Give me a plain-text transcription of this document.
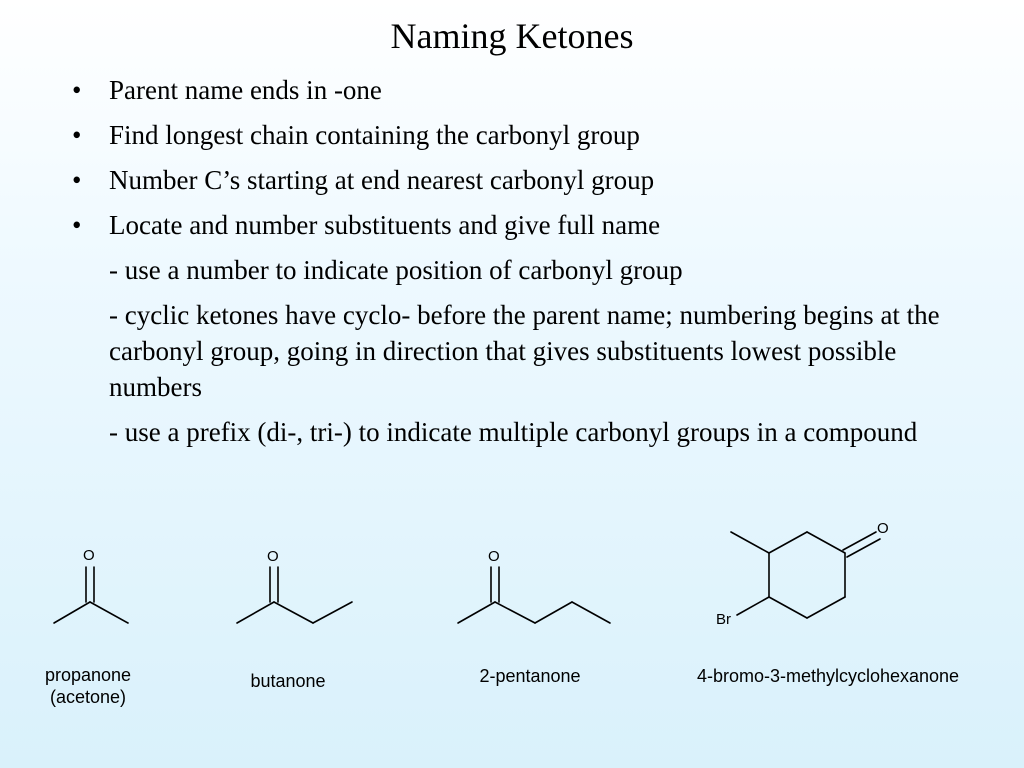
Naming Ketones
• Parent name ends in -one
• Find longest chain containing the carbonyl group
• Number C’s starting at end nearest carbonyl group
• Locate and number substituents and give full name
- use a number to indicate position of carbonyl group
- cyclic ketones have cyclo- before the parent name; numbering begins at the carbonyl group, going in direction that gives substituents lowest possible numbers
- use a prefix (di-, tri-) to indicate multiple carbonyl groups in a compound
O	O	O
O
Br
propanone
(acetone)
butanone	2-pentanone	4-bromo-3-methylcyclohexanone
